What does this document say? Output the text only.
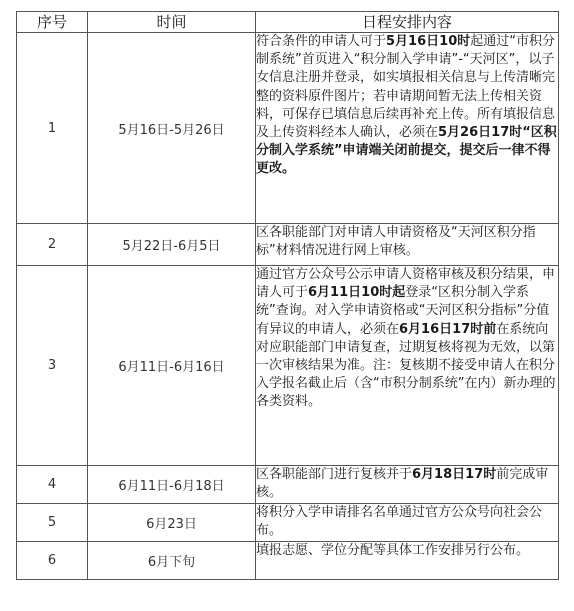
序号	时间	日程安排内容
1	5月16日-5月26日	符合条件的申请人可于5月16日10时起通过“市积分制系统”首页进入“积分制入学申请”-“天河区”，以子女信息注册并登录，如实填报相关信息与上传清晰完整的资料原件图片；若申请期间暂无法上传相关资料，可保存已填信息后续再补充上传。所有填报信息及上传资料经本人确认，必须在5月26日17时“区积分制入学系统”申请端关闭前提交，提交后一律不得更改。
2	5月22日-6月5日	区各职能部门对申请人申请资格及“天河区积分指标”材料情况进行网上审核。
3	6月11日-6月16日	通过官方公众号公示申请人资格审核及积分结果，申请人可于6月11日10时起登录“区积分制入学系统”查询。对入学申请资格或“天河区积分指标”分值有异议的申请人，必须在6月16日17时前在系统向对应职能部门申请复查，过期复核将视为无效，以第一次审核结果为准。注：复核期不接受申请人在积分入学报名截止后（含“市积分制系统”在内）新办理的各类资料。
4	6月11日-6月18日	区各职能部门进行复核并于6月18日17时前完成审核。
5	6月23日	将积分入学申请排名名单通过官方公众号向社会公布。
6	6月下旬	填报志愿、学位分配等具体工作安排另行公布。
